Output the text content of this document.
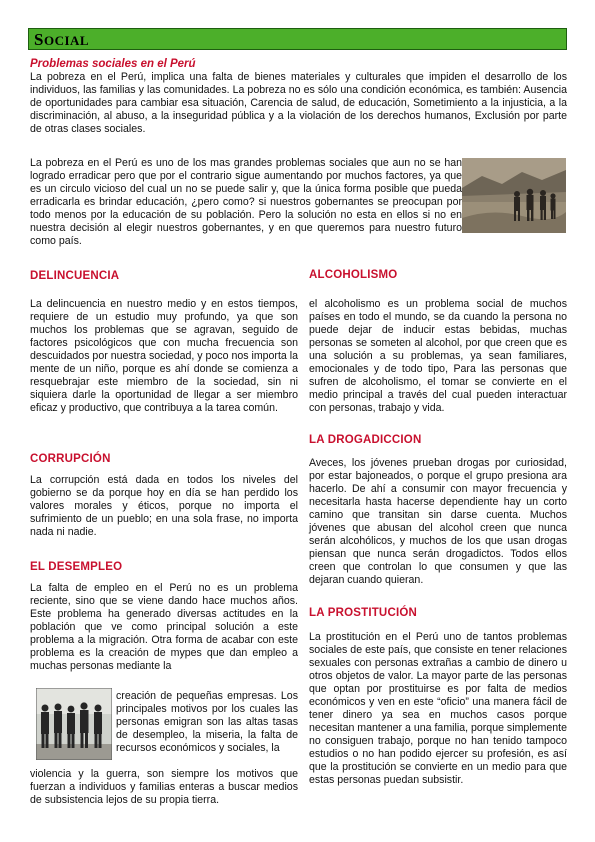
SOCIAL
Problemas sociales en el Perú

La pobreza en el Perú, implica una falta de bienes materiales y culturales que impiden el desarrollo de los individuos, las familias y las comunidades. La pobreza no es sólo una condición económica, es también: Ausencia de oportunidades para cambiar esa situación, Carencia de salud, de educación, Sometimiento a la injusticia, a la discriminación, al abuso, a la inseguridad pública y a la violación de los derechos humanos, Exclusión por parte de otras clases sociales.

La pobreza en el Perú es uno de los mas grandes problemas sociales que aun no se han logrado erradicar pero que por el contrario sigue aumentando por muchos factores, ya que es un circulo vicioso del cual un no se puede salir y, que la única forma posible que pueda erradicarla es brindar educación, ¿pero como? si nuestros gobernantes se preocupan por todo menos por la educación de su población. Pero la solución no esta en ellos si no en nuestra decisión al elegir nuestros gobernantes, y en que queremos para nuestro futuro como país.

DELINCUENCIA

La delincuencia en nuestro medio y en estos tiempos, requiere de un estudio muy profundo, ya que son muchos los problemas que se agravan, seguido de factores psicológicos que con mucha frecuencia son descuidados por nuestra sociedad, y poco nos importa la mente de un niño, porque es ahí donde se comienza a resquebrajar este miembro de la sociedad, sin ni siquiera darle la oportunidad de llegar a ser miembro eficaz y productivo, que contribuya a la tarea común.

CORRUPCIÓN

La corrupción está dada en todos los niveles del gobierno se da porque hoy en día se han perdido los valores morales y éticos, porque no importa el sufrimiento de un pueblo; en una sola frase, no importa nada ni nadie.

EL DESEMPLEO

La falta de empleo en el Perú no es un problema reciente, sino que se viene dando hace muchos años. Este problema ha generado diversas actitudes en la población que ve como principal solución a este problema a la migración. Otra forma de acabar con este problema es la creación de mypes que dan empleo a muchas personas mediante la

creación de pequeñas empresas. Los principales motivos por los cuales las personas emigran son las altas tasas de desempleo, la miseria, la falta de recursos económicos y sociales, la

violencia y la guerra, son siempre los motivos que fuerzan a individuos y familias enteras a buscar medios de subsistencia lejos de su propia tierra.

ALCOHOLISMO

el alcoholismo es un problema social de muchos países en todo el mundo, se da cuando la persona no puede dejar de inducir estas bebidas, muchas personas se someten al alcohol, por que creen que es una solución a su problemas, ya sean familiares, emocionales y de todo tipo, Para las personas que sufren de alcoholismo, el tomar se convierte en el medio principal a través del cual pueden interactuar con personas, trabajo y vida.

LA DROGADICCION

Aveces, los jóvenes prueban drogas por curiosidad, por estar bajoneados, o porque el grupo presiona ara hacerlo. De ahí a consumir con mayor frecuencia y necesitarla hasta hacerse dependiente hay un corto camino que transitan sin darse cuenta. Muchos jóvenes que abusan del alcohol creen que nunca serán alcohólicos, y muchos de los que usan drogas piensan que nunca serán drogadictos. Todos ellos creen que controlan lo que consumen y que las dejaran cuando quieran.

LA PROSTITUCIÓN

La prostitución en el Perú uno de tantos problemas sociales de este país, que consiste en tener relaciones sexuales con personas extrañas a cambio de dinero u otros objetos de valor. La mayor parte de las personas que optan por prostituirse es por falta de medios económicos y ven en este “oficio” una manera fácil de tener dinero ya sea en muchos casos porque necesitan mantener a una familia, porque simplemente no consiguen trabajo, porque no han tenido tampoco estudios o no han podido ejercer su profesión, es así que la prostitución se convierte en un medio para que estas personas puedan subsistir.
